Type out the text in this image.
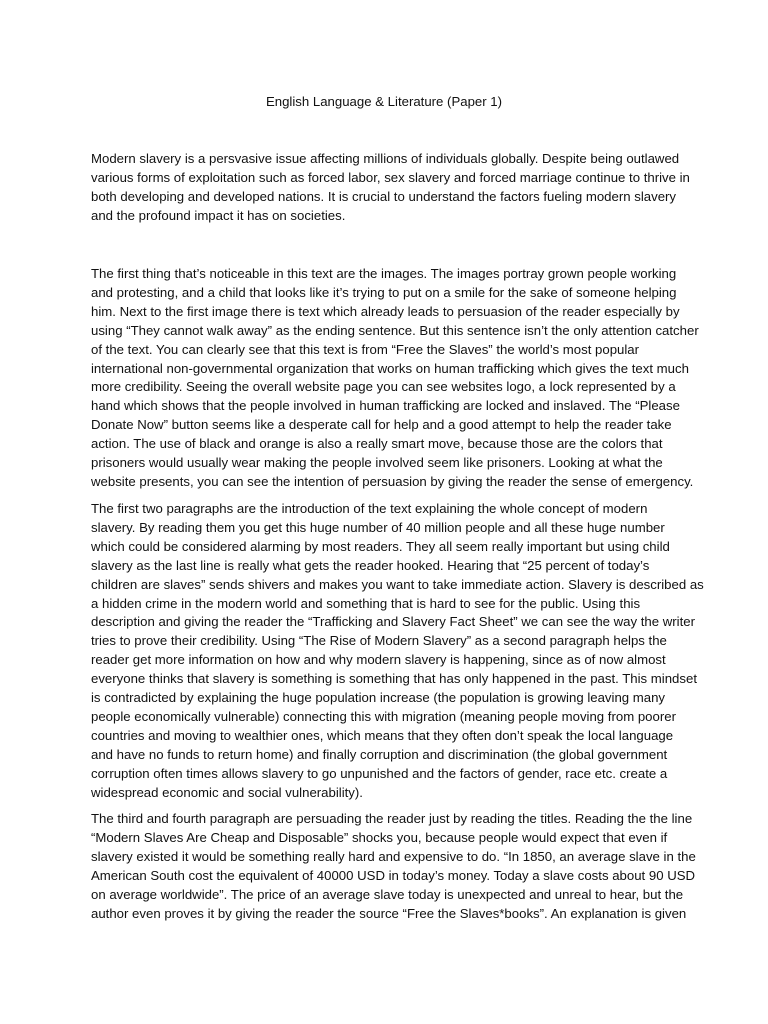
English Language & Literature (Paper 1)

Modern slavery is a persvasive issue affecting millions of individuals globally. Despite being outlawed
various forms of exploitation such as forced labor, sex slavery and forced marriage continue to thrive in
both developing and developed nations. It is crucial to understand the factors fueling modern slavery
and the profound impact it has on societies.

The first thing that’s noticeable in this text are the images. The images portray grown people working
and protesting, and a child that looks like it’s trying to put on a smile for the sake of someone helping
him. Next to the first image there is text which already leads to persuasion of the reader especially by
using “They cannot walk away” as the ending sentence. But this sentence isn’t the only attention catcher
of the text. You can clearly see that this text is from “Free the Slaves” the world’s most popular
international non-governmental organization that works on human trafficking which gives the text much
more credibility. Seeing the overall website page you can see websites logo, a lock represented by a
hand which shows that the people involved in human trafficking are locked and inslaved. The “Please
Donate Now” button seems like a desperate call for help and a good attempt to help the reader take
action. The use of black and orange is also a really smart move, because those are the colors that
prisoners would usually wear making the people involved seem like prisoners. Looking at what the
website presents, you can see the intention of persuasion by giving the reader the sense of emergency.

The first two paragraphs are the introduction of the text explaining the whole concept of modern
slavery. By reading them you get this huge number of 40 million people and all these huge number
which could be considered alarming by most readers. They all seem really important but using child
slavery as the last line is really what gets the reader hooked. Hearing that “25 percent of today’s
children are slaves” sends shivers and makes you want to take immediate action. Slavery is described as
a hidden crime in the modern world and something that is hard to see for the public. Using this
description and giving the reader the “Trafficking and Slavery Fact Sheet” we can see the way the writer
tries to prove their credibility. Using “The Rise of Modern Slavery” as a second paragraph helps the
reader get more information on how and why modern slavery is happening, since as of now almost
everyone thinks that slavery is something is something that has only happened in the past. This mindset
is contradicted by explaining the huge population increase (the population is growing leaving many
people economically vulnerable) connecting this with migration (meaning people moving from poorer
countries and moving to wealthier ones, which means that they often don’t speak the local language
and have no funds to return home) and finally corruption and discrimination (the global government
corruption often times allows slavery to go unpunished and the factors of gender, race etc. create a
widespread economic and social vulnerability).

The third and fourth paragraph are persuading the reader just by reading the titles. Reading the the line
“Modern Slaves Are Cheap and Disposable” shocks you, because people would expect that even if
slavery existed it would be something really hard and expensive to do. “In 1850, an average slave in the
American South cost the equivalent of 40000 USD in today’s money. Today a slave costs about 90 USD
on average worldwide”. The price of an average slave today is unexpected and unreal to hear, but the
author even proves it by giving the reader the source “Free the Slaves*books”. An explanation is given
